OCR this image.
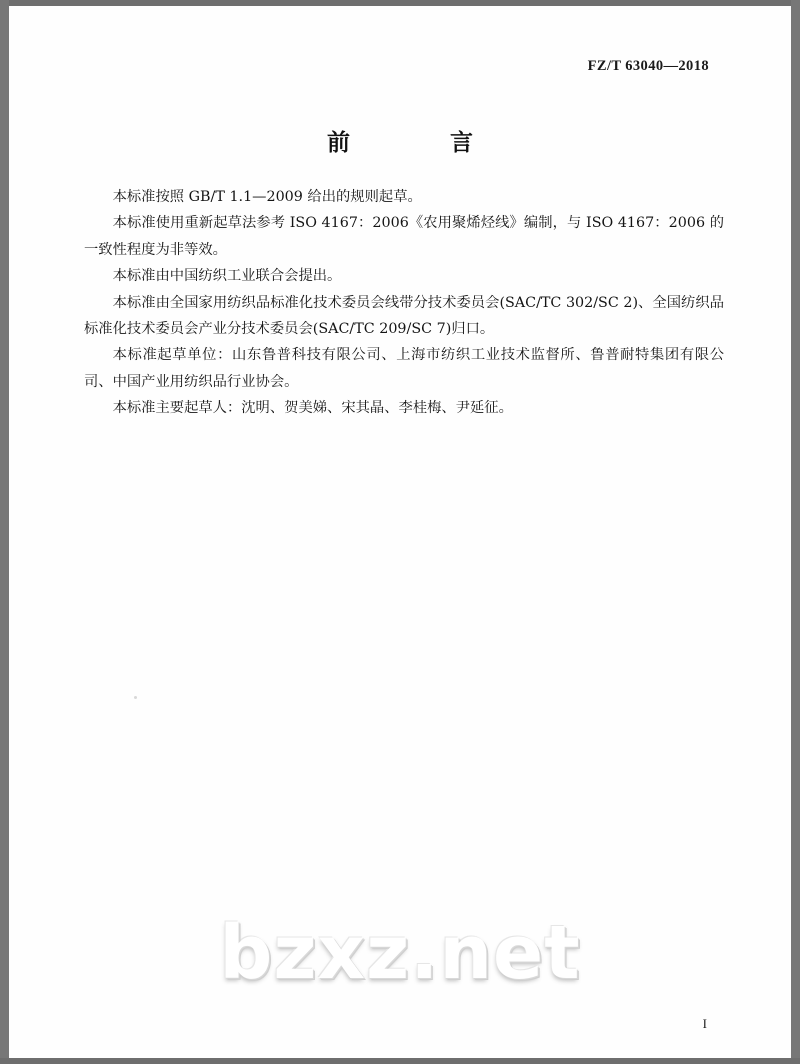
FZ/T 63040—2018
前　　言

本标准按照 GB/T 1.1—2009 给出的规则起草。

本标准使用重新起草法参考 ISO 4167：2006《农用聚烯烃线》编制，与 ISO 4167：2006 的一致性程度为非等效。

本标准由中国纺织工业联合会提出。

本标准由全国家用纺织品标准化技术委员会线带分技术委员会(SAC/TC 302/SC 2)、全国纺织品标准化技术委员会产业分技术委员会(SAC/TC 209/SC 7)归口。

本标准起草单位：山东鲁普科技有限公司、上海市纺织工业技术监督所、鲁普耐特集团有限公司、中国产业用纺织品行业协会。

本标准主要起草人：沈明、贺美娣、宋其晶、李桂梅、尹延征。

bzxz.net
I
